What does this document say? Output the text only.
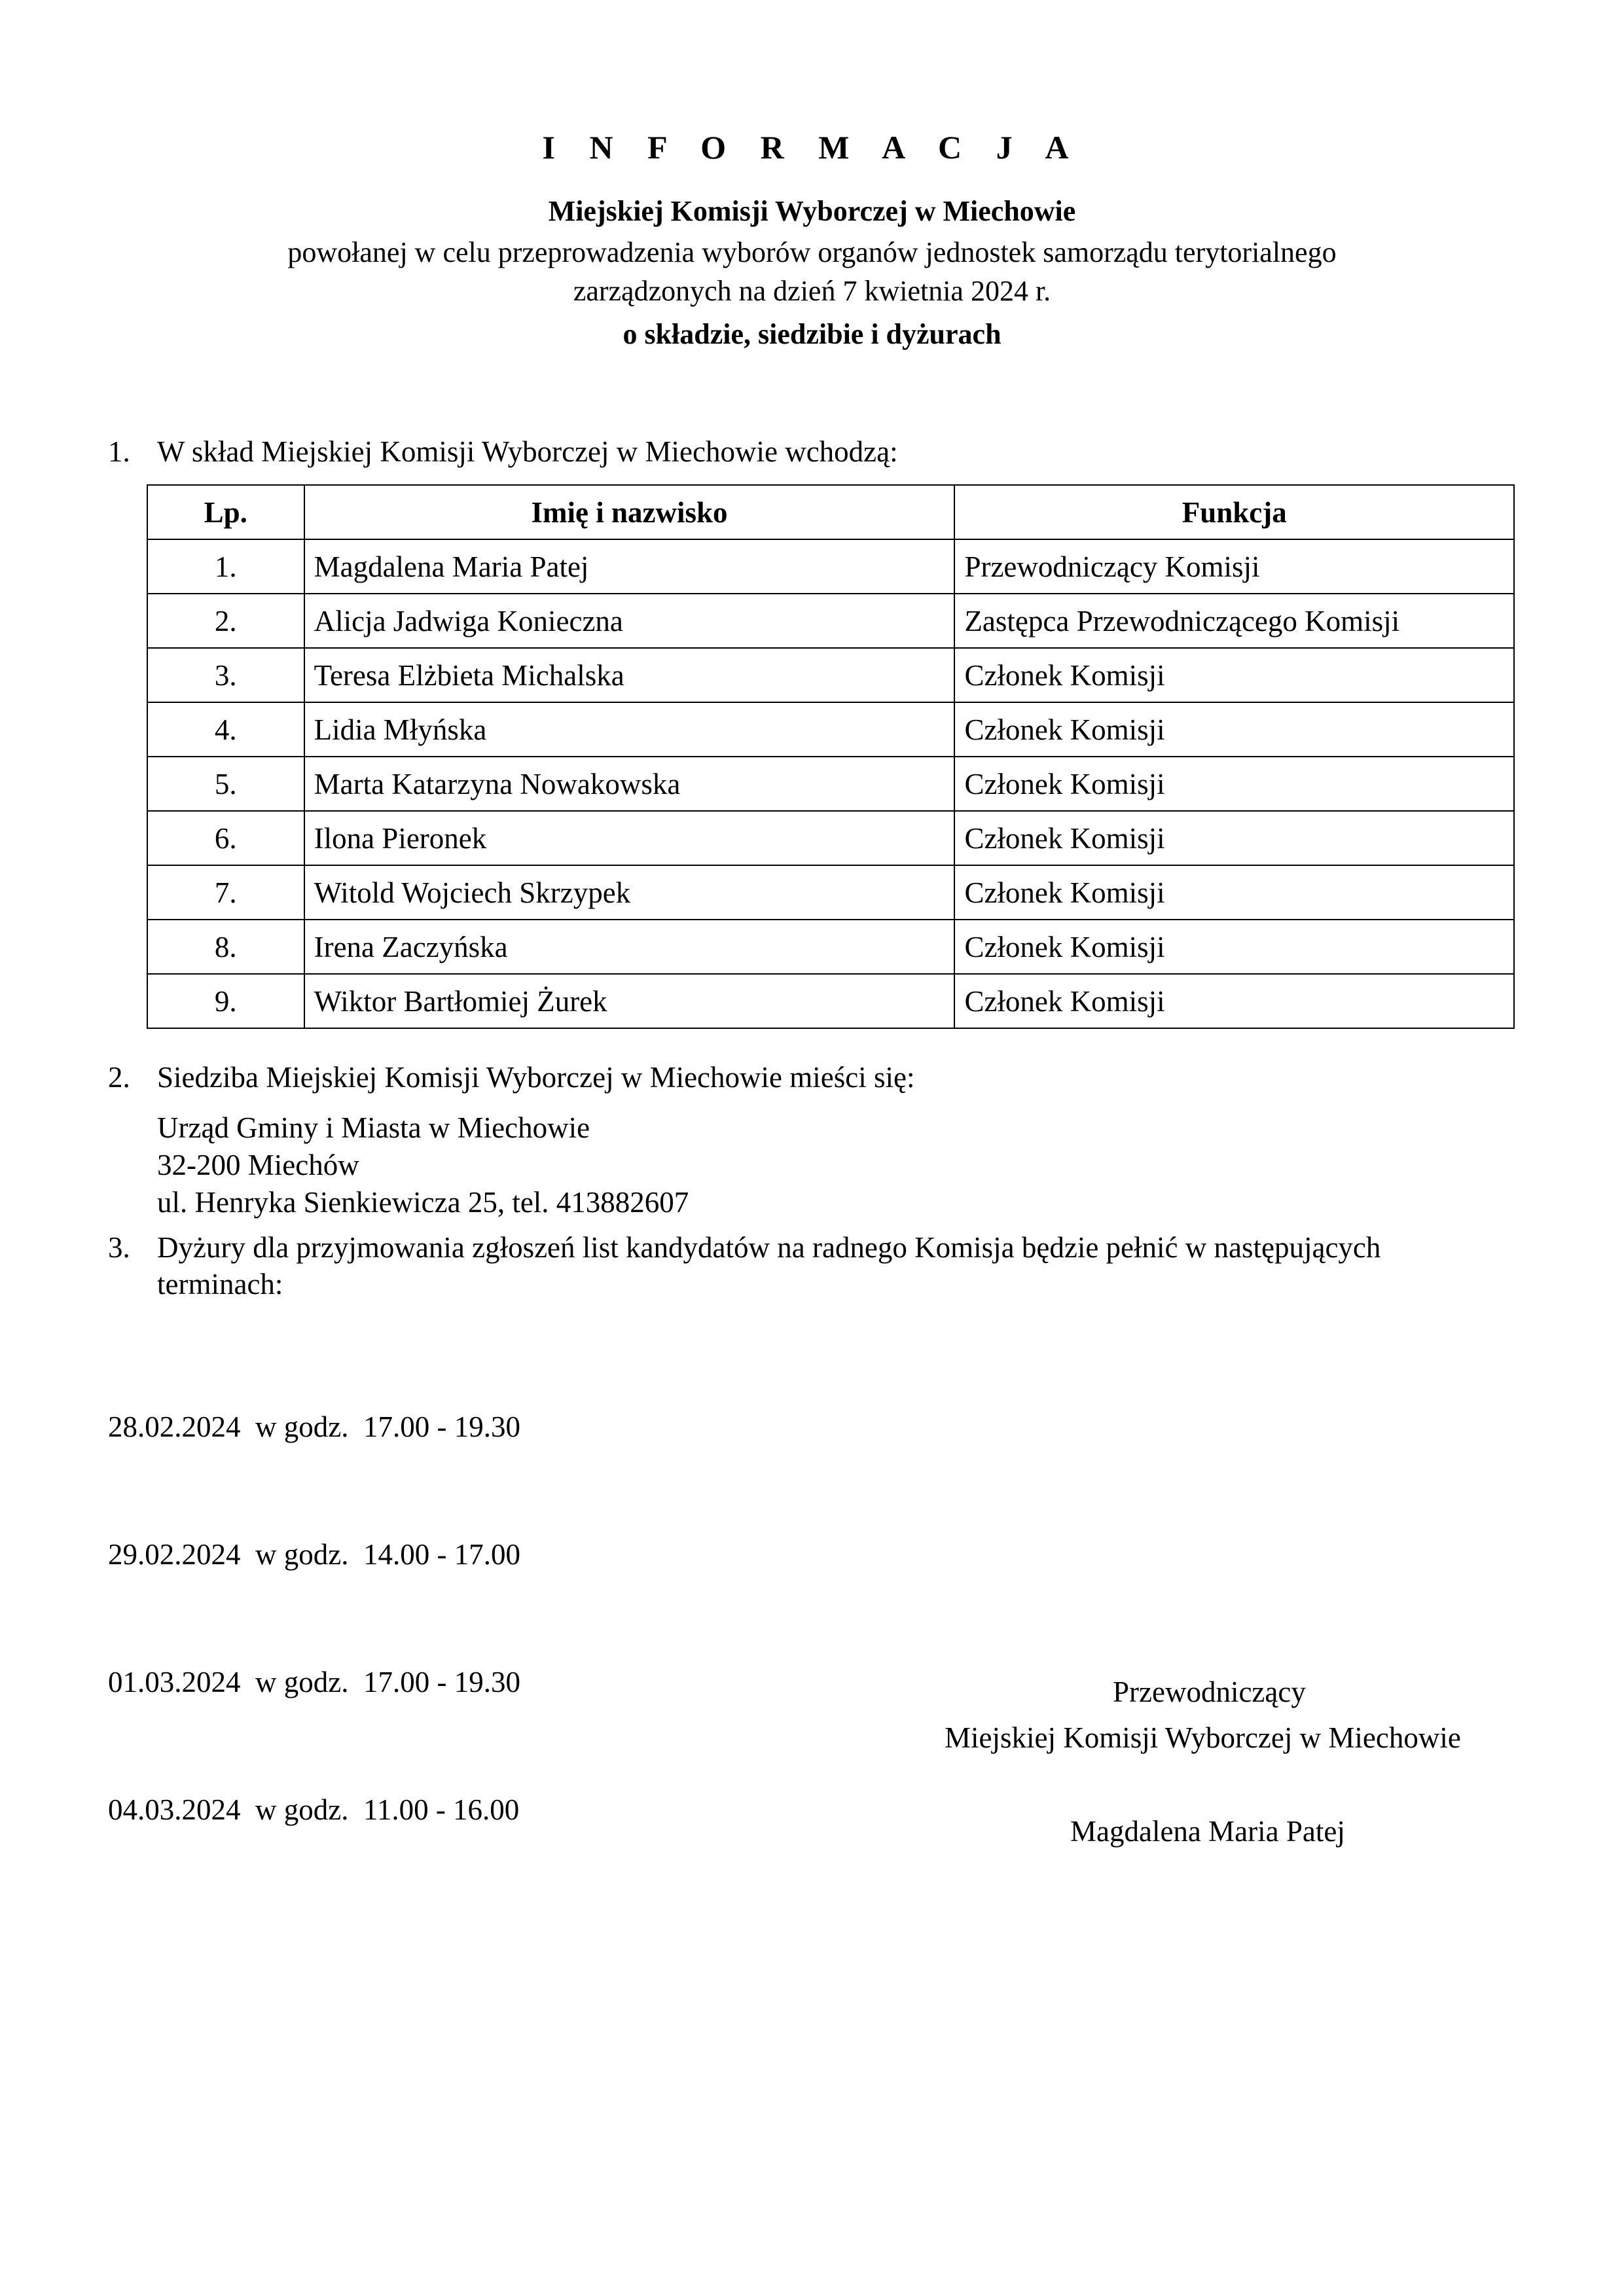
I N F O R M A C J A
Miejskiej Komisji Wyborczej w Miechowie
powołanej w celu przeprowadzenia wyborów organów jednostek samorządu terytorialnego
zarządzonych na dzień 7 kwietnia 2024 r.
o składzie, siedzibie i dyżurach
1. W skład Miejskiej Komisji Wyborczej w Miechowie wchodzą:
Lp.	Imię i nazwisko	Funkcja
1.	Magdalena Maria Patej	Przewodniczący Komisji
2.	Alicja Jadwiga Konieczna	Zastępca Przewodniczącego Komisji
3.	Teresa Elżbieta Michalska	Członek Komisji
4.	Lidia Młyńska	Członek Komisji
5.	Marta Katarzyna Nowakowska	Członek Komisji
6.	Ilona Pieronek	Członek Komisji
7.	Witold Wojciech Skrzypek	Członek Komisji
8.	Irena Zaczyńska	Członek Komisji
9.	Wiktor Bartłomiej Żurek	Członek Komisji
2. Siedziba Miejskiej Komisji Wyborczej w Miechowie mieści się:
Urząd Gminy i Miasta w Miechowie
32-200 Miechów
ul. Henryka Sienkiewicza 25, tel. 413882607
3. Dyżury dla przyjmowania zgłoszeń list kandydatów na radnego Komisja będzie pełnić w następujących
terminach:

28.02.2024 w godz. 17.00 - 19.30

29.02.2024 w godz. 14.00 - 17.00

01.03.2024 w godz. 17.00 - 19.30

04.03.2024 w godz. 11.00 - 16.00

Przewodniczący
Miejskiej Komisji Wyborczej w Miechowie
Magdalena Maria Patej
